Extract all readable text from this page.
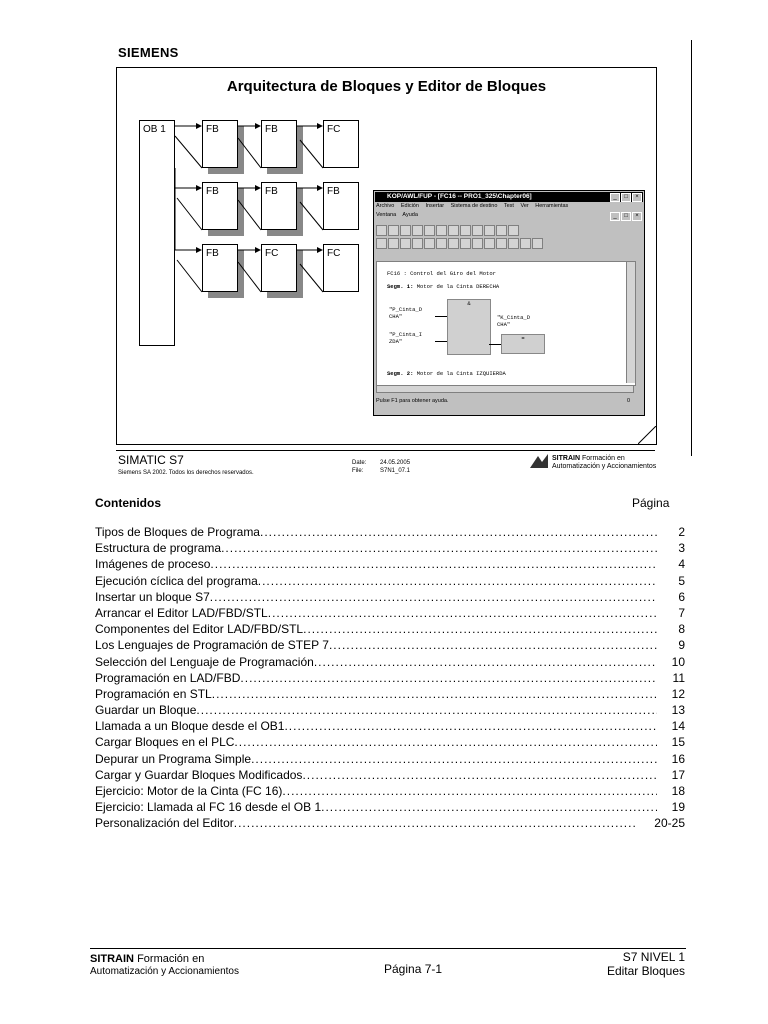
SIEMENS
Arquitectura de Bloques y Editor de Bloques
OB 1	FB	FB	FC
FB	FB	FB
FB	FC	FC
KOP/AWL/FUP - [FC16 -- PRO1_325\Chapter06]	_ □ ×
Archivo Edición Insertar Sistema de destino Test Ver Herramientas
Ventana Ayuda	_ □ ×
FC16 : Control del Giro del Motor
Segm. 1: Motor de la Cinta DERECHA
&
"P_Cinta_D
CHA"
"P_Cinta_I
ZDA"
"K_Cinta_D
CHA"
=
Segm. 2: Motor de la Cinta IZQUIERDA
Pulse F1 para obtener ayuda.	0
SIMATIC S7
Siemens SA 2002. Todos los derechos reservados.
Date: 24.05.2005
File:	S7N1_07.1
SITRAIN Formación en
Automatización y Accionamientos
Contenidos	Página
Tipos de Bloques de Programa .....	2
Estructura de programa .....	3
Imágenes de proceso .....	4
Ejecución cíclica del programa .....	5
Insertar un bloque S7 .....	6
Arrancar el Editor LAD/FBD/STL .....	7
Componentes del Editor LAD/FBD/STL .....	8
Los Lenguajes de Programación de STEP 7 .....	9
Selección del Lenguaje de Programación .....	10
Programación en LAD/FBD .....	11
Programación en STL .....	12
Guardar un Bloque .....	13
Llamada a un Bloque desde el OB1 .....	14
Cargar Bloques en el PLC .....	15
Depurar un Programa Simple .....	16
Cargar y Guardar Bloques Modificados .....	17
Ejercicio: Motor de la Cinta (FC 16) .....	18
Ejercicio: Llamada al FC 16 desde el OB 1 .....	19
Personalización del Editor .....	20-25
SITRAIN Formación en
Automatización y Accionamientos	Página 7-1
S7 NIVEL 1
Editar Bloques
